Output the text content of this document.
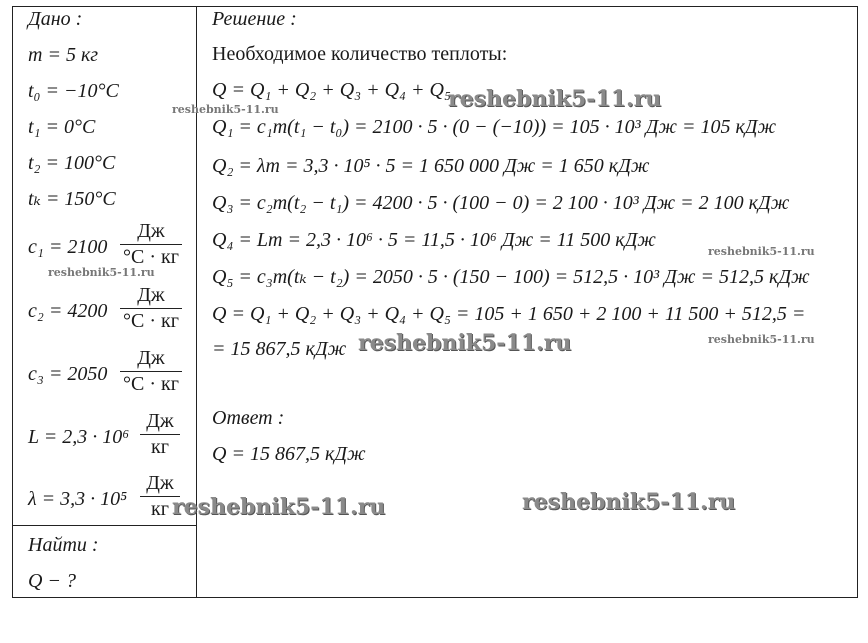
Дано :
m = 5 кг
t₀ = −10°C
t₁ = 0°C
t₂ = 100°C
tₖ = 150°C
c₁ = 2100
Дж
°C · кг
c₂ = 4200
Дж
°C · кг
c₃ = 2050
Дж
°C · кг
L = 2,3 · 10⁶
Дж
кг
λ = 3,3 · 10⁵
Дж
кг
Найти :
Q − ?
Решение :
Необходимое количество теплоты:
Q = Q₁ + Q₂ + Q₃ + Q₄ + Q₅
Q₁ = c₁m(t₁ − t₀) = 2100 · 5 · (0 − (−10)) = 105 · 10³ Дж = 105 кДж
Q₂ = λm = 3,3 · 10⁵ · 5 = 1 650 000 Дж = 1 650 кДж
Q₃ = c₂m(t₂ − t₁) = 4200 · 5 · (100 − 0) = 2 100 · 10³ Дж = 2 100 кДж
Q₄ = Lm = 2,3 · 10⁶ · 5 = 11,5 · 10⁶ Дж = 11 500 кДж
Q₅ = c₃m(tₖ − t₂) = 2050 · 5 · (150 − 100) = 512,5 · 10³ Дж = 512,5 кДж
Q = Q₁ + Q₂ + Q₃ + Q₄ + Q₅ = 105 + 1 650 + 2 100 + 11 500 + 512,5 =
= 15 867,5 кДж
Ответ :
Q = 15 867,5 кДж
reshebnik5-11.ru
reshebnik5-11.ru
reshebnik5-11.ru
reshebnik5-11.ru
reshebnik5-11.ru	reshebnik5-11.ru
reshebnik5-11.ru	reshebnik5-11.ru
